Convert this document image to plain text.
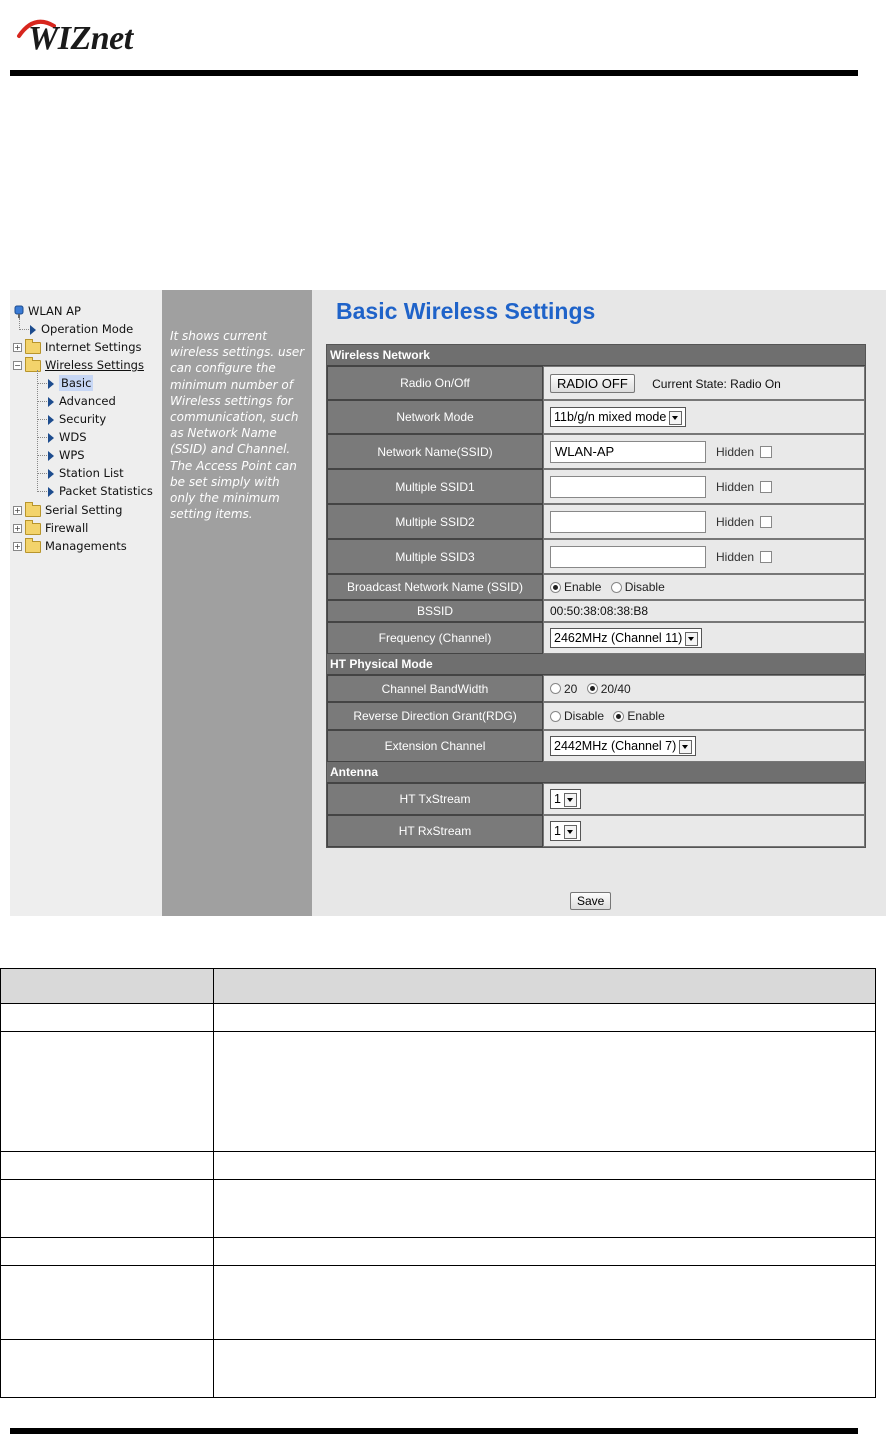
WIZnet
WLAN AP
Operation Mode
+ Internet Settings
− Wireless Settings
Basic
Advanced
Security
WDS
WPS
Station List
Packet Statistics
+ Serial Setting
+ Firewall
+ Managements
It shows current wireless settings. user can configure the minimum number of Wireless settings for communication, such as Network Name (SSID) and Channel. The Access Point can be set simply with only the minimum setting items.
Basic Wireless Settings
Wireless Network	
Radio On/Off	RADIO OFF Current State: Radio On
Network Mode	11b/g/n mixed mode
Network Name(SSID)	WLAN-AP Hidden
Multiple SSID1	Hidden
Multiple SSID2	Hidden
Multiple SSID3	Hidden
Broadcast Network Name (SSID)	Enable Disable
BSSID	00:50:38:08:38:B8
Frequency (Channel)	2462MHz (Channel 11)
HT Physical Mode	
Channel BandWidth	20 20/40
Reverse Direction Grant(RDG)	Disable Enable
Extension Channel	2442MHz (Channel 7)
Antenna	
HT TxStream	1
HT RxStream	1
Save
